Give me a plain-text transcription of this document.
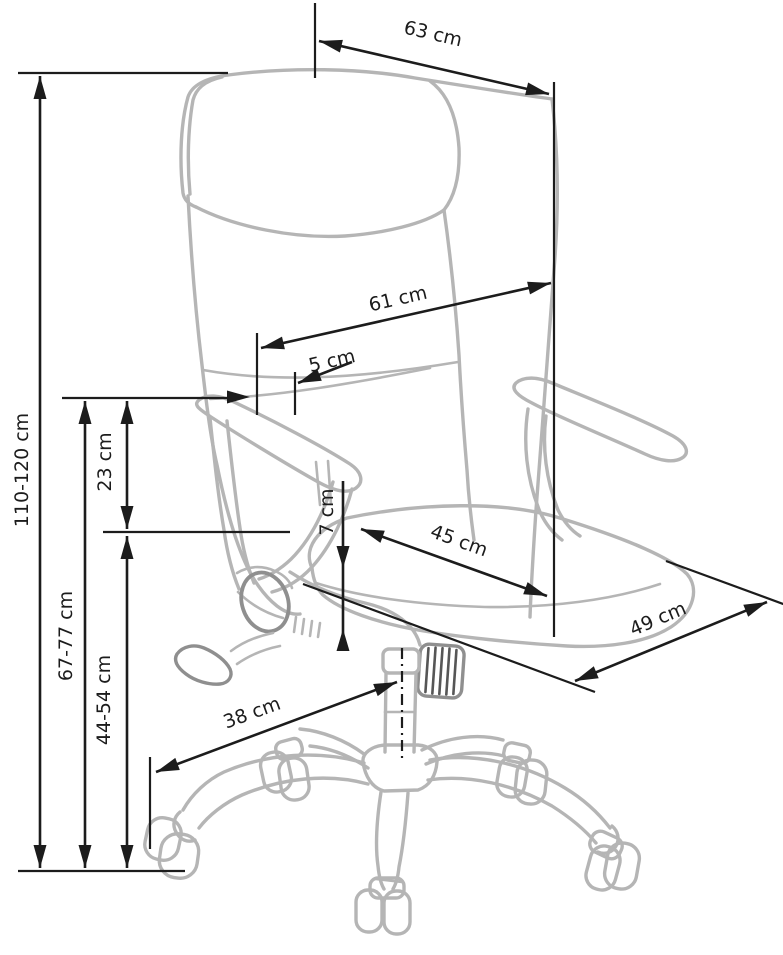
63 cm
61 cm
5 cm
7 cm
45 cm
49 cm
38 cm
110-120 cm
67-77 cm
44-54 cm
23 cm
